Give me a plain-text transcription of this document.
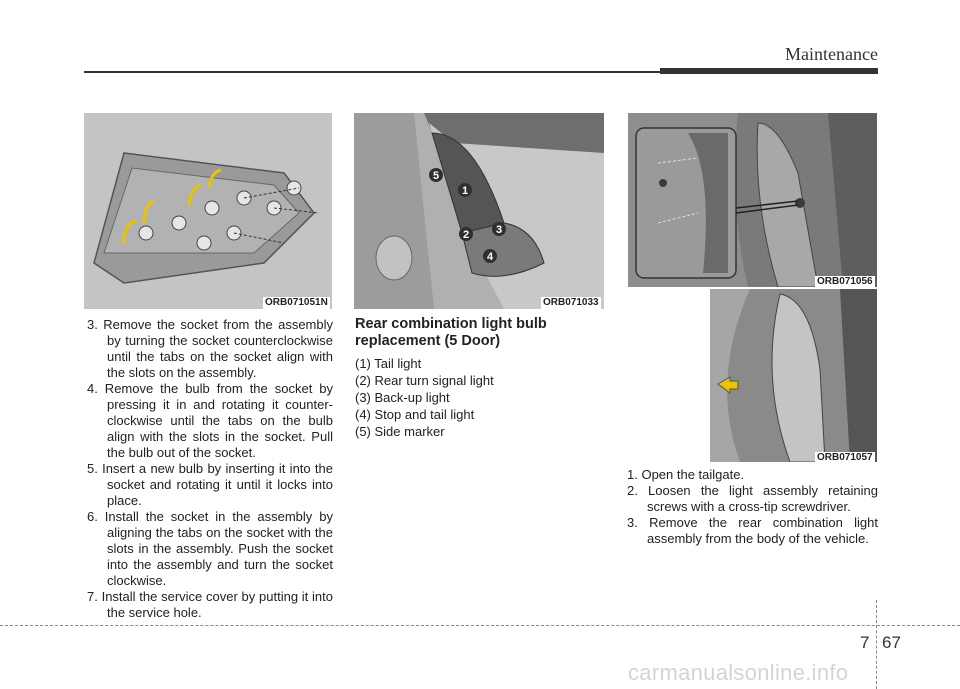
Maintenance
ORB071051N
5
1
2 3
4
ORB071033
ORB071056
ORB071057
3. Remove the socket from the assembly by turning the socket counterclockwise until the tabs on the socket align with the slots on the assembly.
4. Remove the bulb from the socket by pressing it in and rotating it counter-clockwise until the tabs on the bulb align with the slots in the socket. Pull the bulb out of the socket.
5. Insert a new bulb by inserting it into the socket and rotating it until it locks into place.
6. Install the socket in the assembly by aligning the tabs on the socket with the slots in the assembly. Push the socket into the assembly and turn the socket clockwise.
7. Install the service cover by putting it into the service hole.
Rear combination light bulb replacement (5 Door)
(1) Tail light
(2) Rear turn signal light
(3) Back-up light
(4) Stop and tail light
(5) Side marker
1. Open the tailgate.
2. Loosen the light assembly retaining screws with a cross-tip screwdriver.
3. Remove the rear combination light assembly from the body of the vehicle.
7 67
carmanualsonline.info
